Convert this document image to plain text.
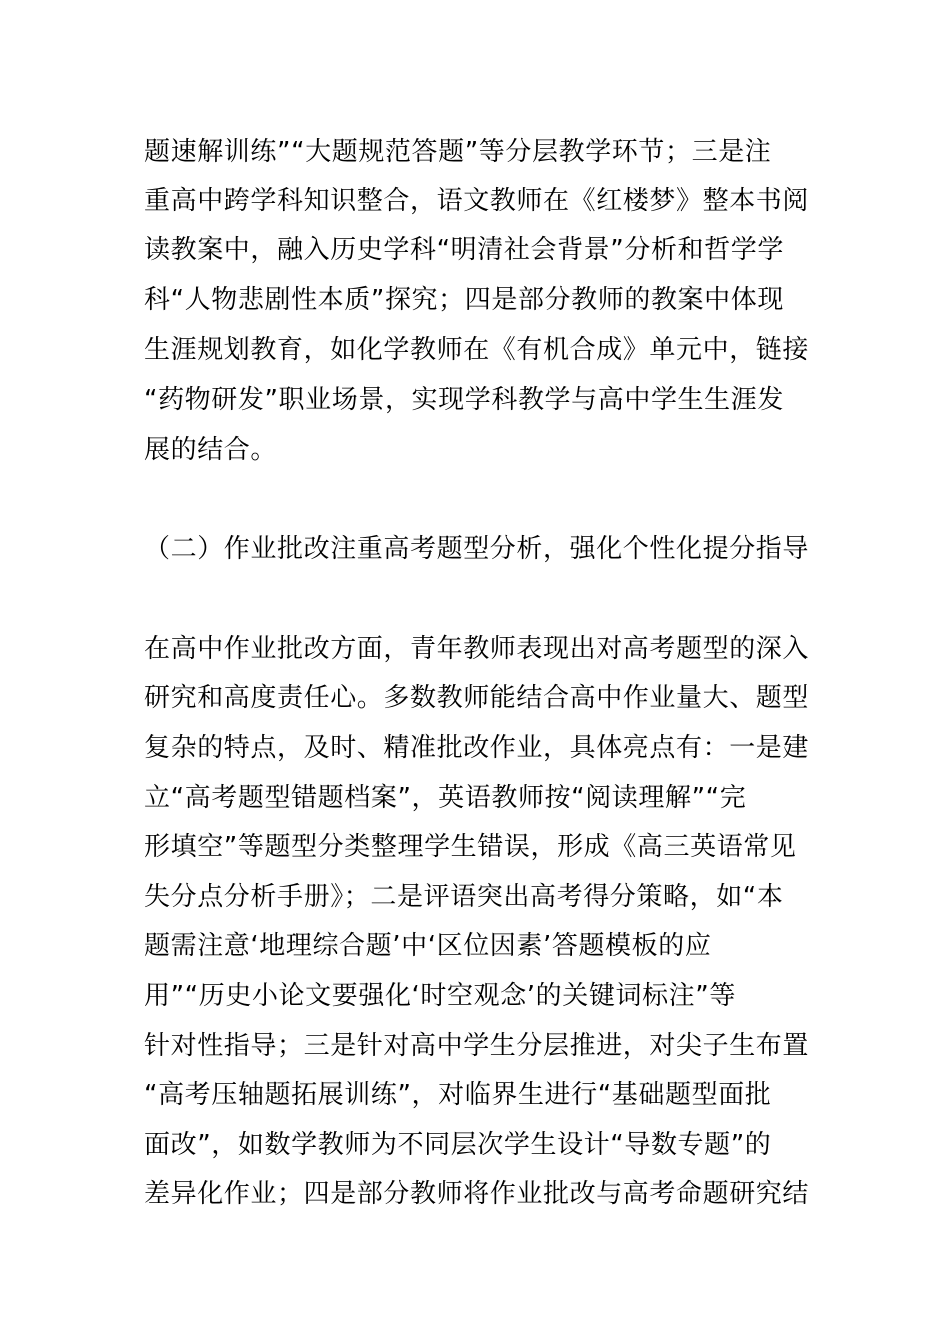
题速解训练”“大题规范答题”等分层教学环节；三是注
重高中跨学科知识整合，语文教师在《红楼梦》整本书阅
读教案中，融入历史学科“明清社会背景”分析和哲学学
科“人物悲剧性本质”探究；四是部分教师的教案中体现
生涯规划教育，如化学教师在《有机合成》单元中，链接
“药物研发”职业场景，实现学科教学与高中学生生涯发
展的结合。
（二）作业批改注重高考题型分析，强化个性化提分指导
在高中作业批改方面，青年教师表现出对高考题型的深入
研究和高度责任心。多数教师能结合高中作业量大、题型
复杂的特点，及时、精准批改作业，具体亮点有：一是建
立“高考题型错题档案”，英语教师按“阅读理解”“完
形填空”等题型分类整理学生错误，形成《高三英语常见
失分点分析手册》；二是评语突出高考得分策略，如“本
题需注意‘地理综合题’中‘区位因素’答题模板的应
用”“历史小论文要强化‘时空观念’的关键词标注”等
针对性指导；三是针对高中学生分层推进，对尖子生布置
“高考压轴题拓展训练”，对临界生进行“基础题型面批
面改”，如数学教师为不同层次学生设计“导数专题”的
差异化作业；四是部分教师将作业批改与高考命题研究结
